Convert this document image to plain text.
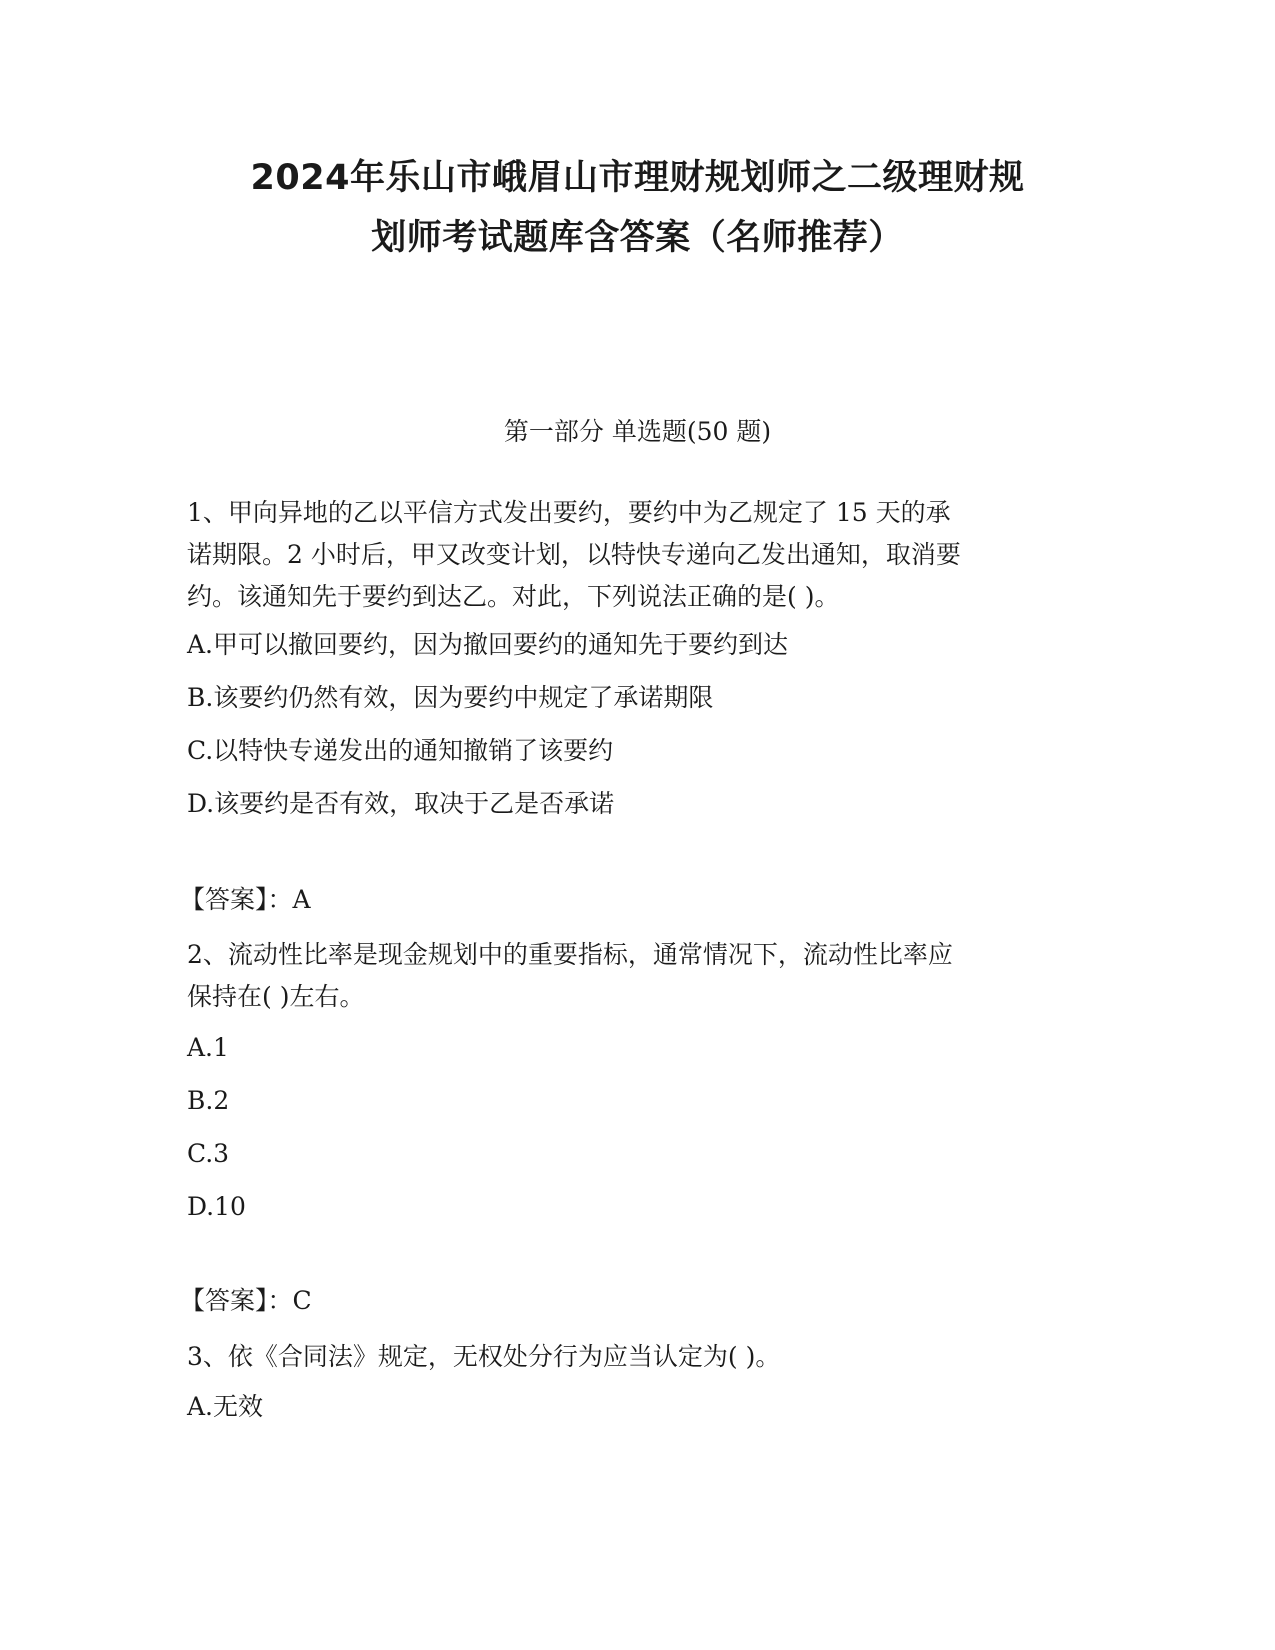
2024年乐山市峨眉山市理财规划师之二级理财规
划师考试题库含答案（名师推荐）
第一部分 单选题(50 题)
1、甲向异地的乙以平信方式发出要约，要约中为乙规定了 15 天的承
诺期限。2 小时后，甲又改变计划，以特快专递向乙发出通知，取消要
约。该通知先于要约到达乙。对此，下列说法正确的是( )。
A.甲可以撤回要约，因为撤回要约的通知先于要约到达
B.该要约仍然有效，因为要约中规定了承诺期限
C.以特快专递发出的通知撤销了该要约
D.该要约是否有效，取决于乙是否承诺
【答案】：A
2、流动性比率是现金规划中的重要指标，通常情况下，流动性比率应
保持在( )左右。
A.1
B.2
C.3
D.10
【答案】：C
3、依《合同法》规定，无权处分行为应当认定为( )。
A.无效
